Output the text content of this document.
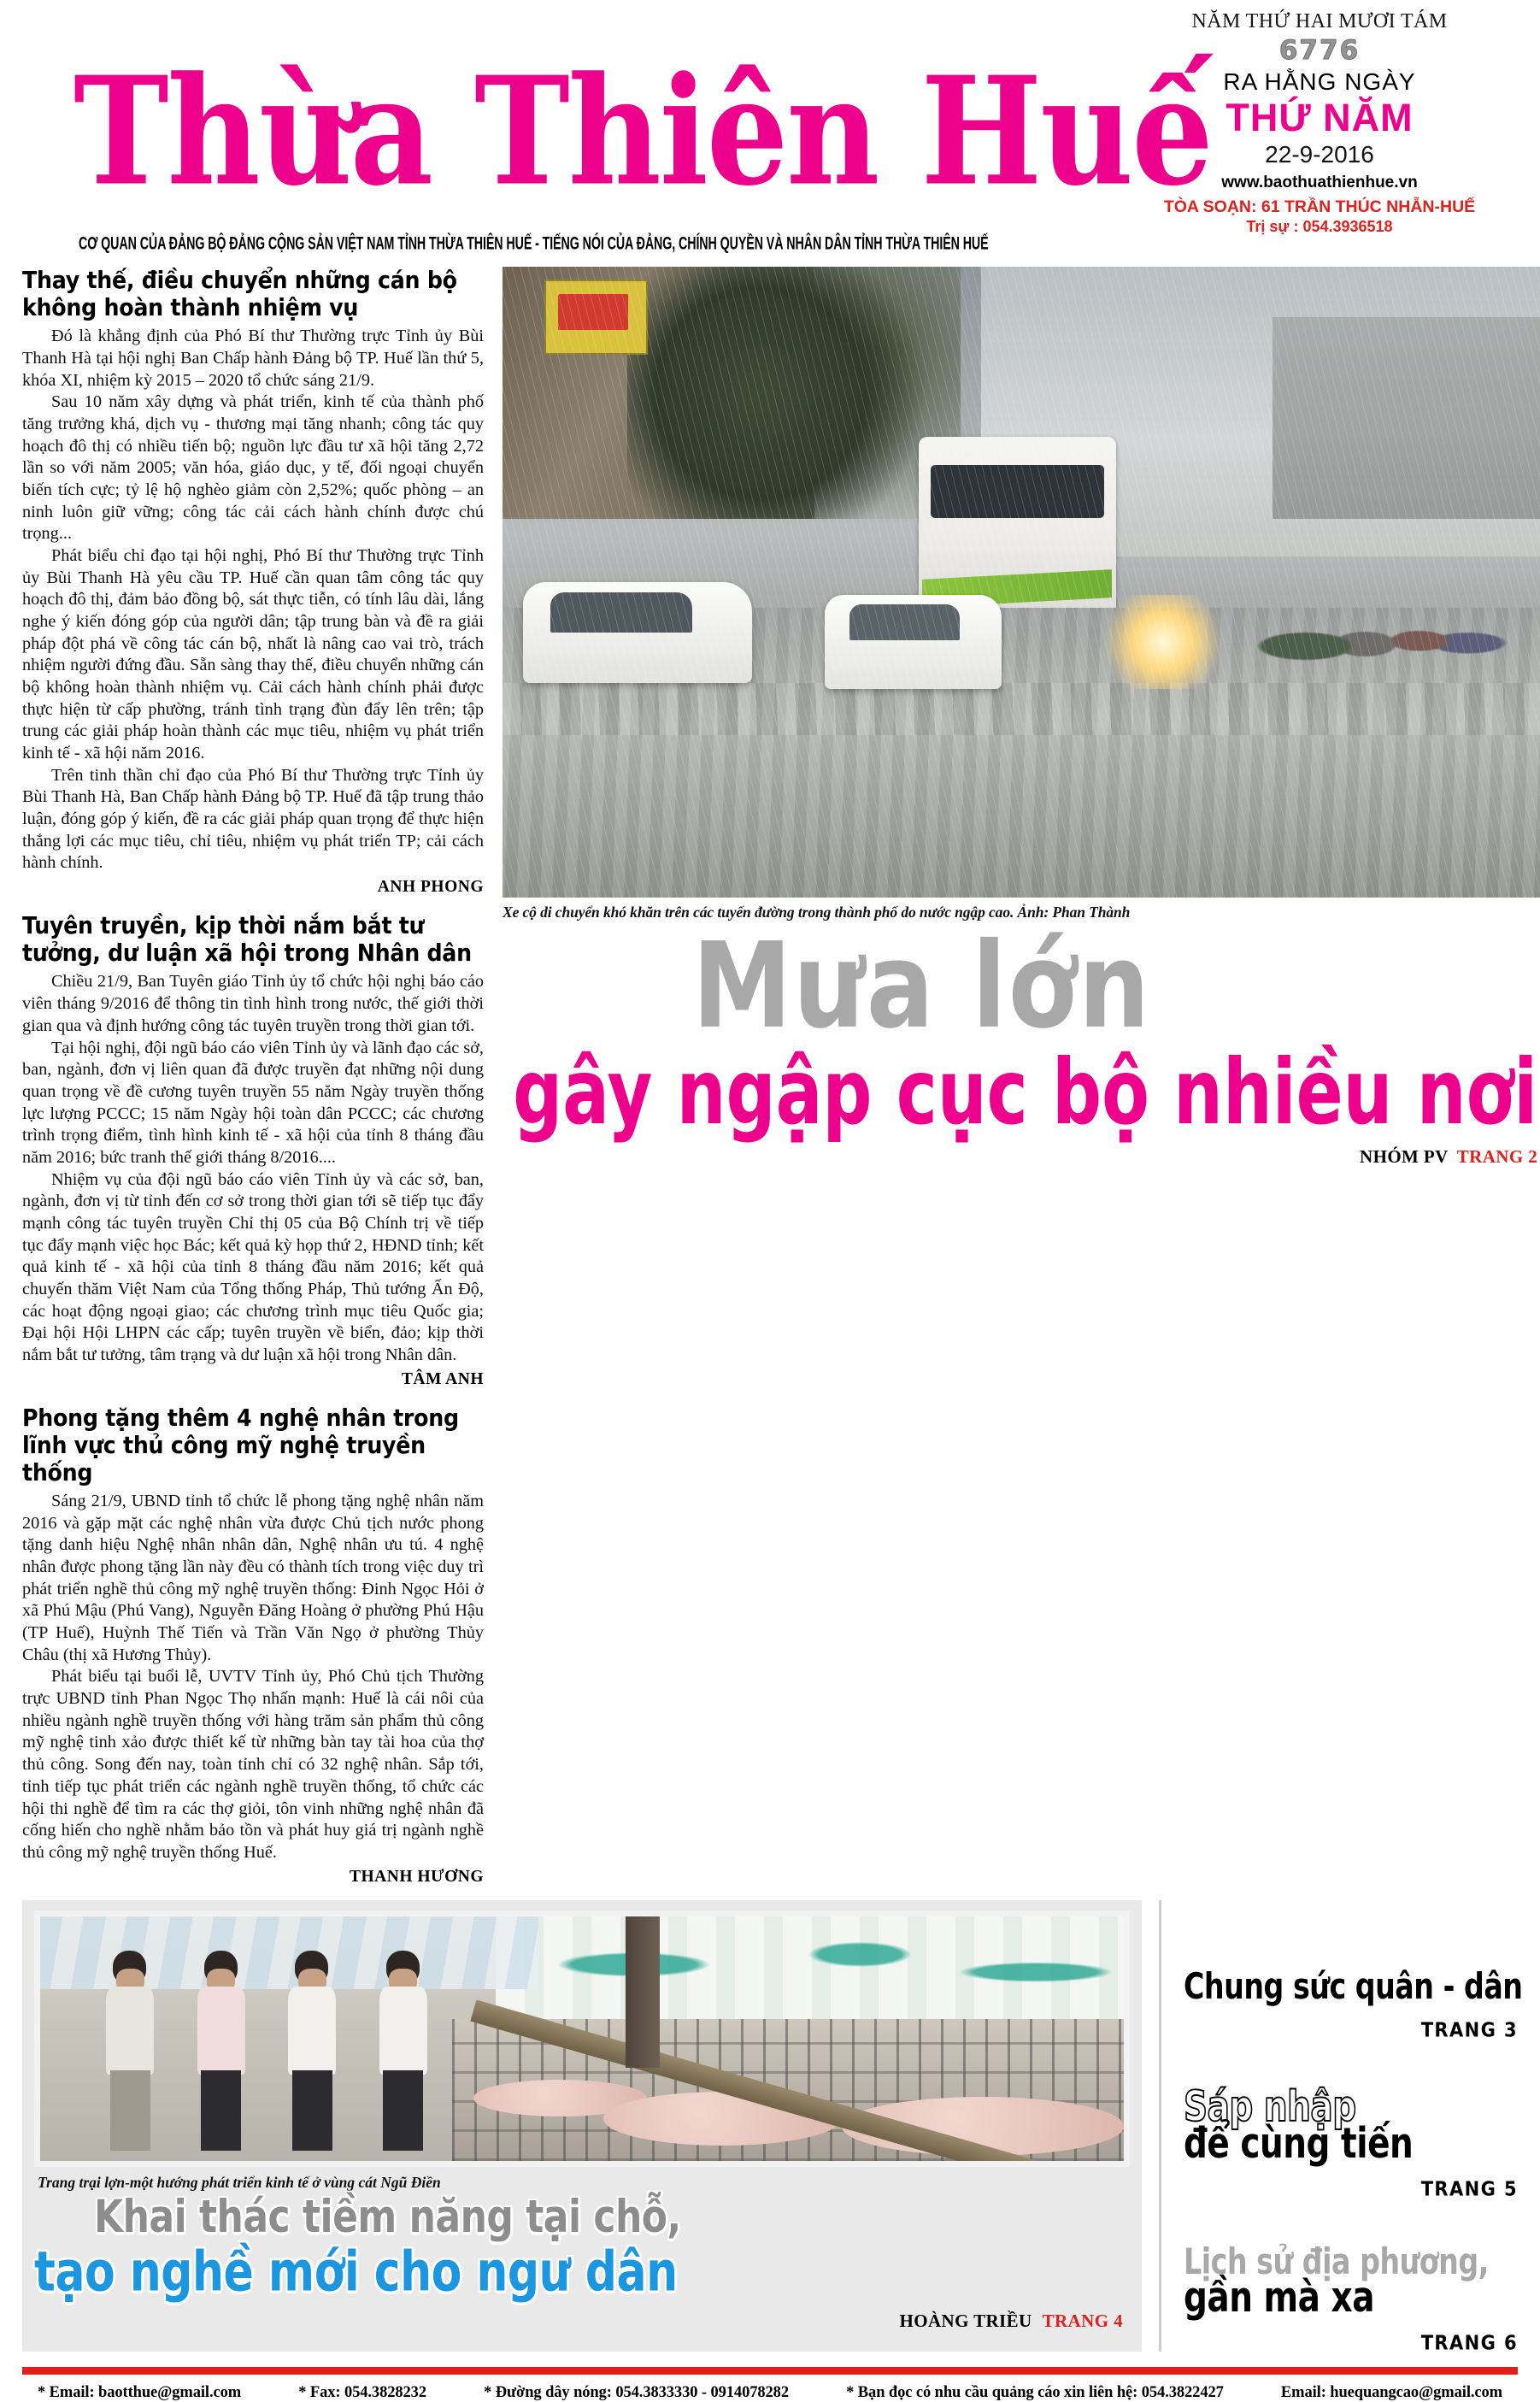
Thừa Thiên Huế
CƠ QUAN CỦA ĐẢNG BỘ ĐẢNG CỘNG SẢN VIỆT NAM TỈNH THỪA THIÊN HUẾ - TIẾNG NÓI CỦA ĐẢNG, CHÍNH QUYỀN VÀ NHÂN DÂN TỈNH THỪA THIÊN HUẾ
NĂM THỨ HAI MƯƠI TÁM
6776
RA HẰNG NGÀY
THỨ NĂM
22-9-2016
www.baothuathienhue.vn
TÒA SOẠN: 61 TRẦN THÚC NHẪN-HUẾ
Trị sự : 054.3936518
Thay thế, điều chuyển những cán bộ không hoàn thành nhiệm vụ

Đó là khẳng định của Phó Bí thư Thường trực Tỉnh ủy Bùi Thanh Hà tại hội nghị Ban Chấp hành Đảng bộ TP. Huế lần thứ 5, khóa XI, nhiệm kỳ 2015 – 2020 tổ chức sáng 21/9.

Sau 10 năm xây dựng và phát triển, kinh tế của thành phố tăng trưởng khá, dịch vụ - thương mại tăng nhanh; công tác quy hoạch đô thị có nhiều tiến bộ; nguồn lực đầu tư xã hội tăng 2,72 lần so với năm 2005; văn hóa, giáo dục, y tế, đối ngoại chuyển biến tích cực; tỷ lệ hộ nghèo giảm còn 2,52%; quốc phòng – an ninh luôn giữ vững; công tác cải cách hành chính được chú trọng...

Phát biểu chỉ đạo tại hội nghị, Phó Bí thư Thường trực Tỉnh ủy Bùi Thanh Hà yêu cầu TP. Huế cần quan tâm công tác quy hoạch đô thị, đảm bảo đồng bộ, sát thực tiễn, có tính lâu dài, lắng nghe ý kiến đóng góp của người dân; tập trung bàn và đề ra giải pháp đột phá về công tác cán bộ, nhất là nâng cao vai trò, trách nhiệm người đứng đầu. Sẵn sàng thay thế, điều chuyển những cán bộ không hoàn thành nhiệm vụ. Cải cách hành chính phải được thực hiện từ cấp phường, tránh tình trạng đùn đẩy lên trên; tập trung các giải pháp hoàn thành các mục tiêu, nhiệm vụ phát triển kinh tế - xã hội năm 2016.

Trên tinh thần chỉ đạo của Phó Bí thư Thường trực Tỉnh ủy Bùi Thanh Hà, Ban Chấp hành Đảng bộ TP. Huế đã tập trung thảo luận, đóng góp ý kiến, đề ra các giải pháp quan trọng để thực hiện thắng lợi các mục tiêu, chỉ tiêu, nhiệm vụ phát triển TP; cải cách hành chính.

ANH PHONG
Tuyên truyền, kịp thời nắm bắt tư tưởng, dư luận xã hội trong Nhân dân

Chiều 21/9, Ban Tuyên giáo Tỉnh ủy tổ chức hội nghị báo cáo viên tháng 9/2016 để thông tin tình hình trong nước, thế giới thời gian qua và định hướng công tác tuyên truyền trong thời gian tới.

Tại hội nghị, đội ngũ báo cáo viên Tỉnh ủy và lãnh đạo các sở, ban, ngành, đơn vị liên quan đã được truyền đạt những nội dung quan trọng về đề cương tuyên truyền 55 năm Ngày truyền thống lực lượng PCCC; 15 năm Ngày hội toàn dân PCCC; các chương trình trọng điểm, tình hình kinh tế - xã hội của tỉnh 8 tháng đầu năm 2016; bức tranh thế giới tháng 8/2016....

Nhiệm vụ của đội ngũ báo cáo viên Tỉnh ủy và các sở, ban, ngành, đơn vị từ tỉnh đến cơ sở trong thời gian tới sẽ tiếp tục đẩy mạnh công tác tuyên truyền Chỉ thị 05 của Bộ Chính trị về tiếp tục đẩy mạnh việc học Bác; kết quả kỳ họp thứ 2, HĐND tỉnh; kết quả kinh tế - xã hội của tỉnh 8 tháng đầu năm 2016; kết quả chuyến thăm Việt Nam của Tổng thống Pháp, Thủ tướng Ấn Độ, các hoạt động ngoại giao; các chương trình mục tiêu Quốc gia; Đại hội Hội LHPN các cấp; tuyên truyền về biển, đảo; kịp thời nắm bắt tư tưởng, tâm trạng và dư luận xã hội trong Nhân dân.

TÂM ANH
Phong tặng thêm 4 nghệ nhân trong lĩnh vực thủ công mỹ nghệ truyền thống

Sáng 21/9, UBND tỉnh tổ chức lễ phong tặng nghệ nhân năm 2016 và gặp mặt các nghệ nhân vừa được Chủ tịch nước phong tặng danh hiệu Nghệ nhân nhân dân, Nghệ nhân ưu tú. 4 nghệ nhân được phong tặng lần này đều có thành tích trong việc duy trì phát triển nghề thủ công mỹ nghệ truyền thống: Đinh Ngọc Hỏi ở xã Phú Mậu (Phú Vang), Nguyễn Đăng Hoàng ở phường Phú Hậu (TP Huế), Huỳnh Thế Tiến và Trần Văn Ngọ ở phường Thủy Châu (thị xã Hương Thủy).

Phát biểu tại buổi lễ, UVTV Tỉnh ủy, Phó Chủ tịch Thường trực UBND tỉnh Phan Ngọc Thọ nhấn mạnh: Huế là cái nôi của nhiều ngành nghề truyền thống với hàng trăm sản phẩm thủ công mỹ nghệ tinh xảo được thiết kế từ những bàn tay tài hoa của thợ thủ công. Song đến nay, toàn tỉnh chỉ có 32 nghệ nhân. Sắp tới, tỉnh tiếp tục phát triển các ngành nghề truyền thống, tổ chức các hội thi nghề để tìm ra các thợ giỏi, tôn vinh những nghệ nhân đã cống hiến cho nghề nhằm bảo tồn và phát huy giá trị ngành nghề thủ công mỹ nghệ truyền thống Huế.

THANH HƯƠNG
Xe cộ di chuyển khó khăn trên các tuyến đường trong thành phố do nước ngập cao. Ảnh: Phan Thành
Mưa lớn
gây ngập cục bộ nhiều nơi
NHÓM PV TRANG 2
Trang trại lợn-một hướng phát triển kinh tế ở vùng cát Ngũ Điền
Khai thác tiềm năng tại chỗ,
tạo nghề mới cho ngư dân
HOÀNG TRIỀU TRANG 4
Chung sức quân - dân
TRANG 3
Sáp nhập
để cùng tiến
TRANG 5
Lịch sử địa phương,
gần mà xa
TRANG 6
* Email: baotthue@gmail.com	* Fax: 054.3828232	* Đường dây nóng: 054.3833330 - 0914078282	* Bạn đọc có nhu cầu quảng cáo xin liên hệ: 054.3822427	Email: huequangcao@gmail.com
